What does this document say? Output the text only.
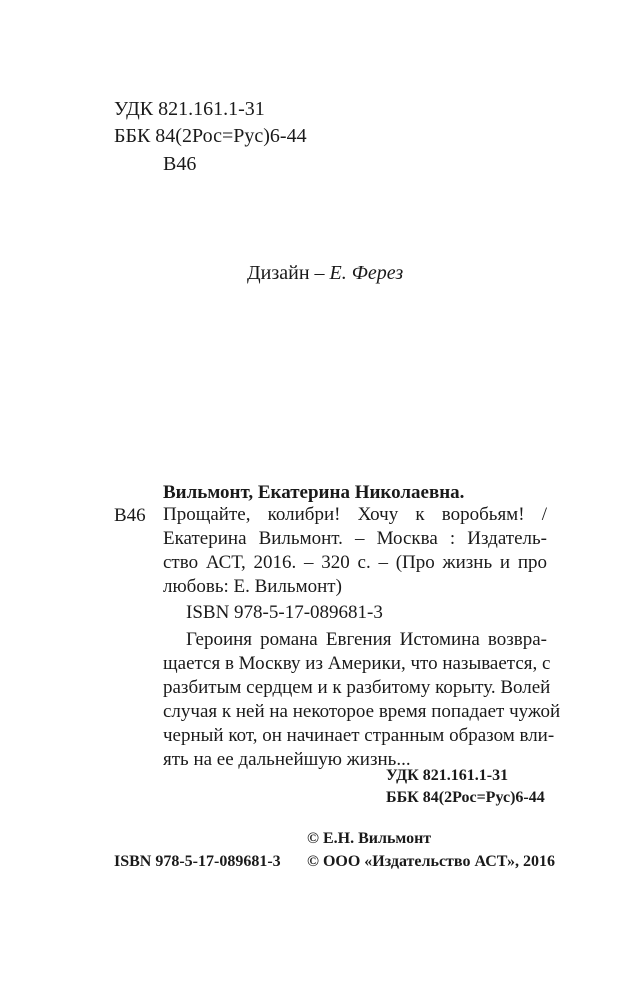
УДК 821.161.1-31
ББК 84(2Рос=Рус)6-44
В46
Дизайн – Е. Ферез
Вильмонт, Екатерина Николаевна.
В46 Прощайте, колибри! Хочу к воробьям! /
Екатерина Вильмонт. – Москва : Издатель-
ство АСТ, 2016. – 320 с. – (Про жизнь и про
любовь: Е. Вильмонт)
ISBN 978-5-17-089681-3
Героиня романа Евгения Истомина возвра-
щается в Москву из Америки, что называется, с
разбитым сердцем и к разбитому корыту. Волей
случая к ней на некоторое время попадает чужой
черный кот, он начинает странным образом вли-
ять на ее дальнейшую жизнь...
УДК 821.161.1-31
ББК 84(2Рос=Рус)6-44
© Е.Н. Вильмонт
ISBN 978-5-17-089681-3 © ООО «Издательство АСТ», 2016
